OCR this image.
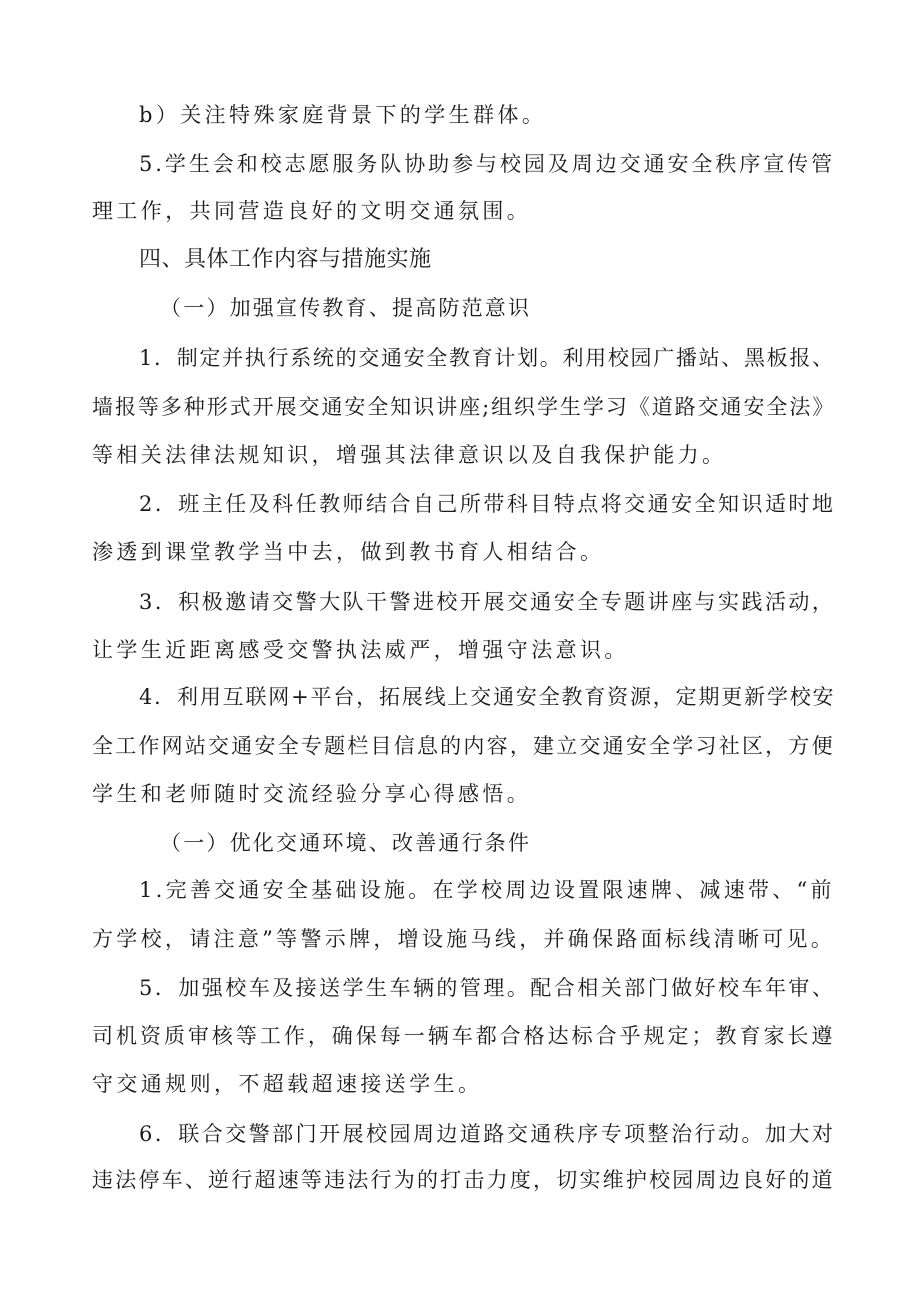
b）关注特殊家庭背景下的学生群体。
5.学生会和校志愿服务队协助参与校园及周边交通安全秩序宣传管
理工作，共同营造良好的文明交通氛围。
四、具体工作内容与措施实施
（一）加强宣传教育、提高防范意识
1．制定并执行系统的交通安全教育计划。利用校园广播站、黑板报、
墙报等多种形式开展交通安全知识讲座;组织学生学习《道路交通安全法》
等相关法律法规知识，增强其法律意识以及自我保护能力。
2．班主任及科任教师结合自己所带科目特点将交通安全知识适时地
渗透到课堂教学当中去，做到教书育人相结合。
3．积极邀请交警大队干警进校开展交通安全专题讲座与实践活动，
让学生近距离感受交警执法威严，增强守法意识。
4．利用互联网+平台，拓展线上交通安全教育资源，定期更新学校安
全工作网站交通安全专题栏目信息的内容，建立交通安全学习社区，方便
学生和老师随时交流经验分享心得感悟。
（一）优化交通环境、改善通行条件
1.完善交通安全基础设施。在学校周边设置限速牌、减速带、“前
方学校，请注意”等警示牌，增设施马线，并确保路面标线清晰可见。
5．加强校车及接送学生车辆的管理。配合相关部门做好校车年审、
司机资质审核等工作，确保每一辆车都合格达标合乎规定；教育家长遵
守交通规则，不超载超速接送学生。
6．联合交警部门开展校园周边道路交通秩序专项整治行动。加大对
违法停车、逆行超速等违法行为的打击力度，切实维护校园周边良好的道
